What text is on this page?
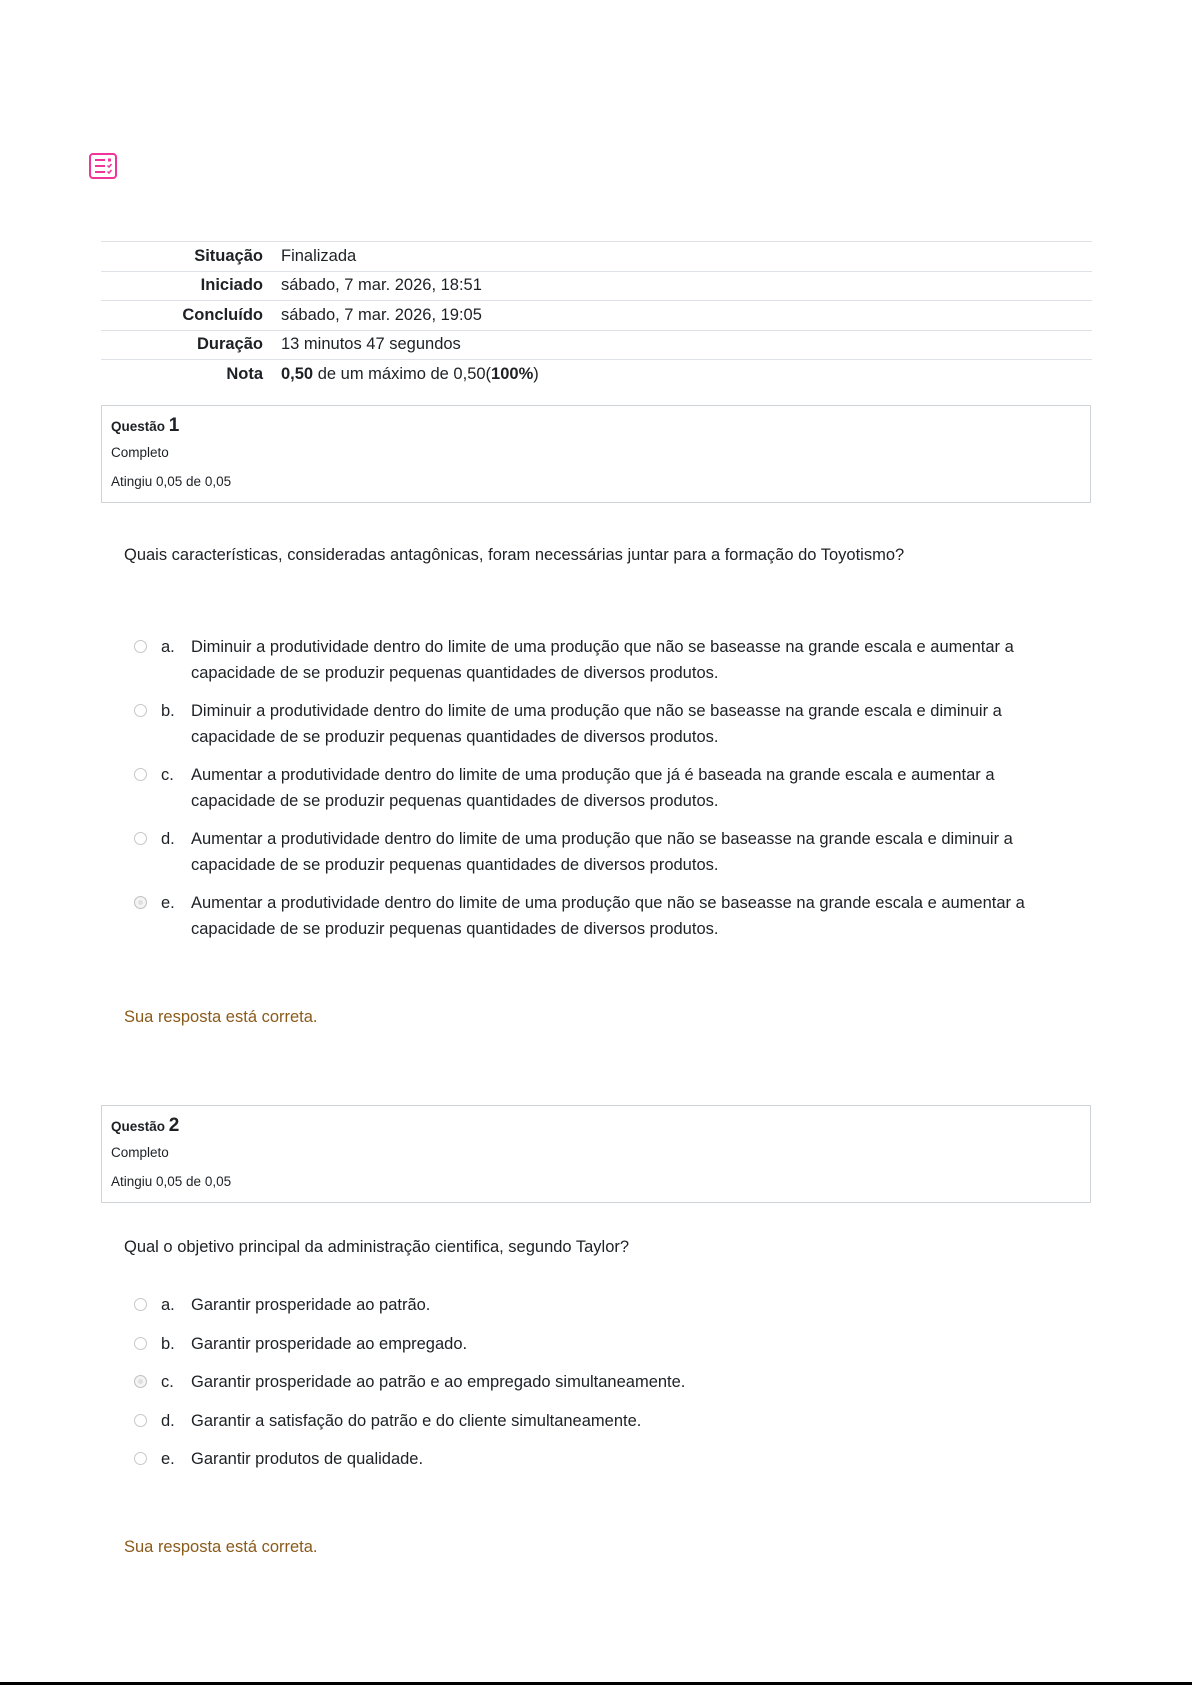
Situação	Finalizada
Iniciado	sábado, 7 mar. 2026, 18:51
Concluído	sábado, 7 mar. 2026, 19:05
Duração	13 minutos 47 segundos
Nota	0,50 de um máximo de 0,50(100%)
Questão 1
Completo
Atingiu 0,05 de 0,05
Quais características, consideradas antagônicas, foram necessárias juntar para a formação do Toyotismo?
a. Diminuir a produtividade dentro do limite de uma produção que não se baseasse na grande escala e aumentar a capacidade de se produzir pequenas quantidades de diversos produtos.
b. Diminuir a produtividade dentro do limite de uma produção que não se baseasse na grande escala e diminuir a capacidade de se produzir pequenas quantidades de diversos produtos.
c.	Aumentar a produtividade dentro do limite de uma produção que já é baseada na grande escala e aumentar a capacidade de se produzir pequenas quantidades de diversos produtos.
d. Aumentar a produtividade dentro do limite de uma produção que não se baseasse na grande escala e diminuir a capacidade de se produzir pequenas quantidades de diversos produtos.
e. Aumentar a produtividade dentro do limite de uma produção que não se baseasse na grande escala e aumentar a capacidade de se produzir pequenas quantidades de diversos produtos.
Sua resposta está correta.
Questão 2
Completo
Atingiu 0,05 de 0,05
Qual o objetivo principal da administração cientifica, segundo Taylor?
a. Garantir prosperidade ao patrão.
b. Garantir prosperidade ao empregado.
c.	Garantir prosperidade ao patrão e ao empregado simultaneamente.
d. Garantir a satisfação do patrão e do cliente simultaneamente.
e. Garantir produtos de qualidade.
Sua resposta está correta.
